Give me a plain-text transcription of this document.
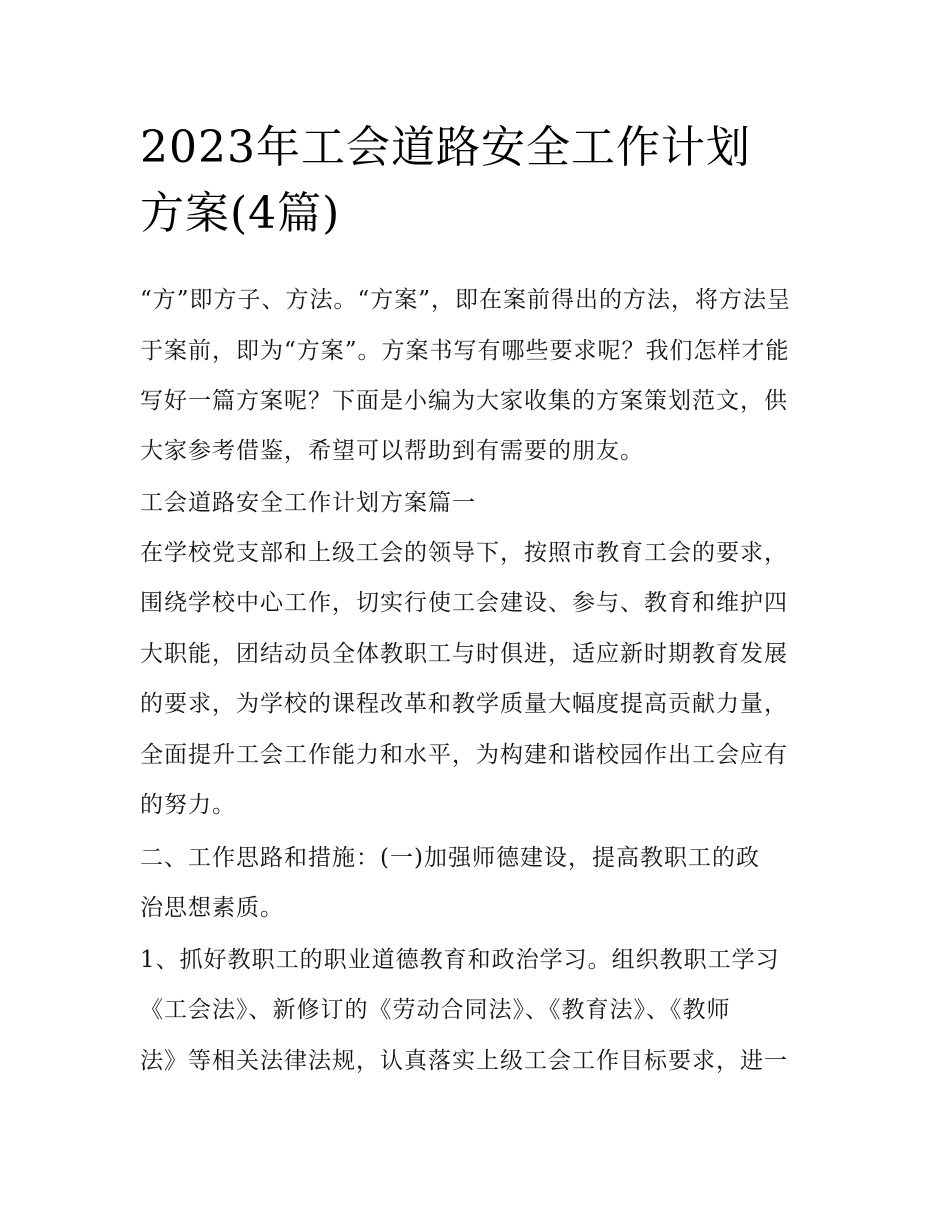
2023年工会道路安全工作计划
方案(4篇)
“方”即方子、方法。“方案”，即在案前得出的方法，将方法呈
于案前，即为“方案”。方案书写有哪些要求呢？我们怎样才能
写好一篇方案呢？下面是小编为大家收集的方案策划范文，供
大家参考借鉴，希望可以帮助到有需要的朋友。
工会道路安全工作计划方案篇一
在学校党支部和上级工会的领导下，按照市教育工会的要求，
围绕学校中心工作，切实行使工会建设、参与、教育和维护四
大职能，团结动员全体教职工与时俱进，适应新时期教育发展
的要求，为学校的课程改革和教学质量大幅度提高贡献力量，
全面提升工会工作能力和水平，为构建和谐校园作出工会应有
的努力。
二、工作思路和措施：(一)加强师德建设，提高教职工的政
治思想素质。
1、抓好教职工的职业道德教育和政治学习。组织教职工学习
《工会法》、新修订的《劳动合同法》、《教育法》、《教师
法》等相关法律法规，认真落实上级工会工作目标要求，进一
